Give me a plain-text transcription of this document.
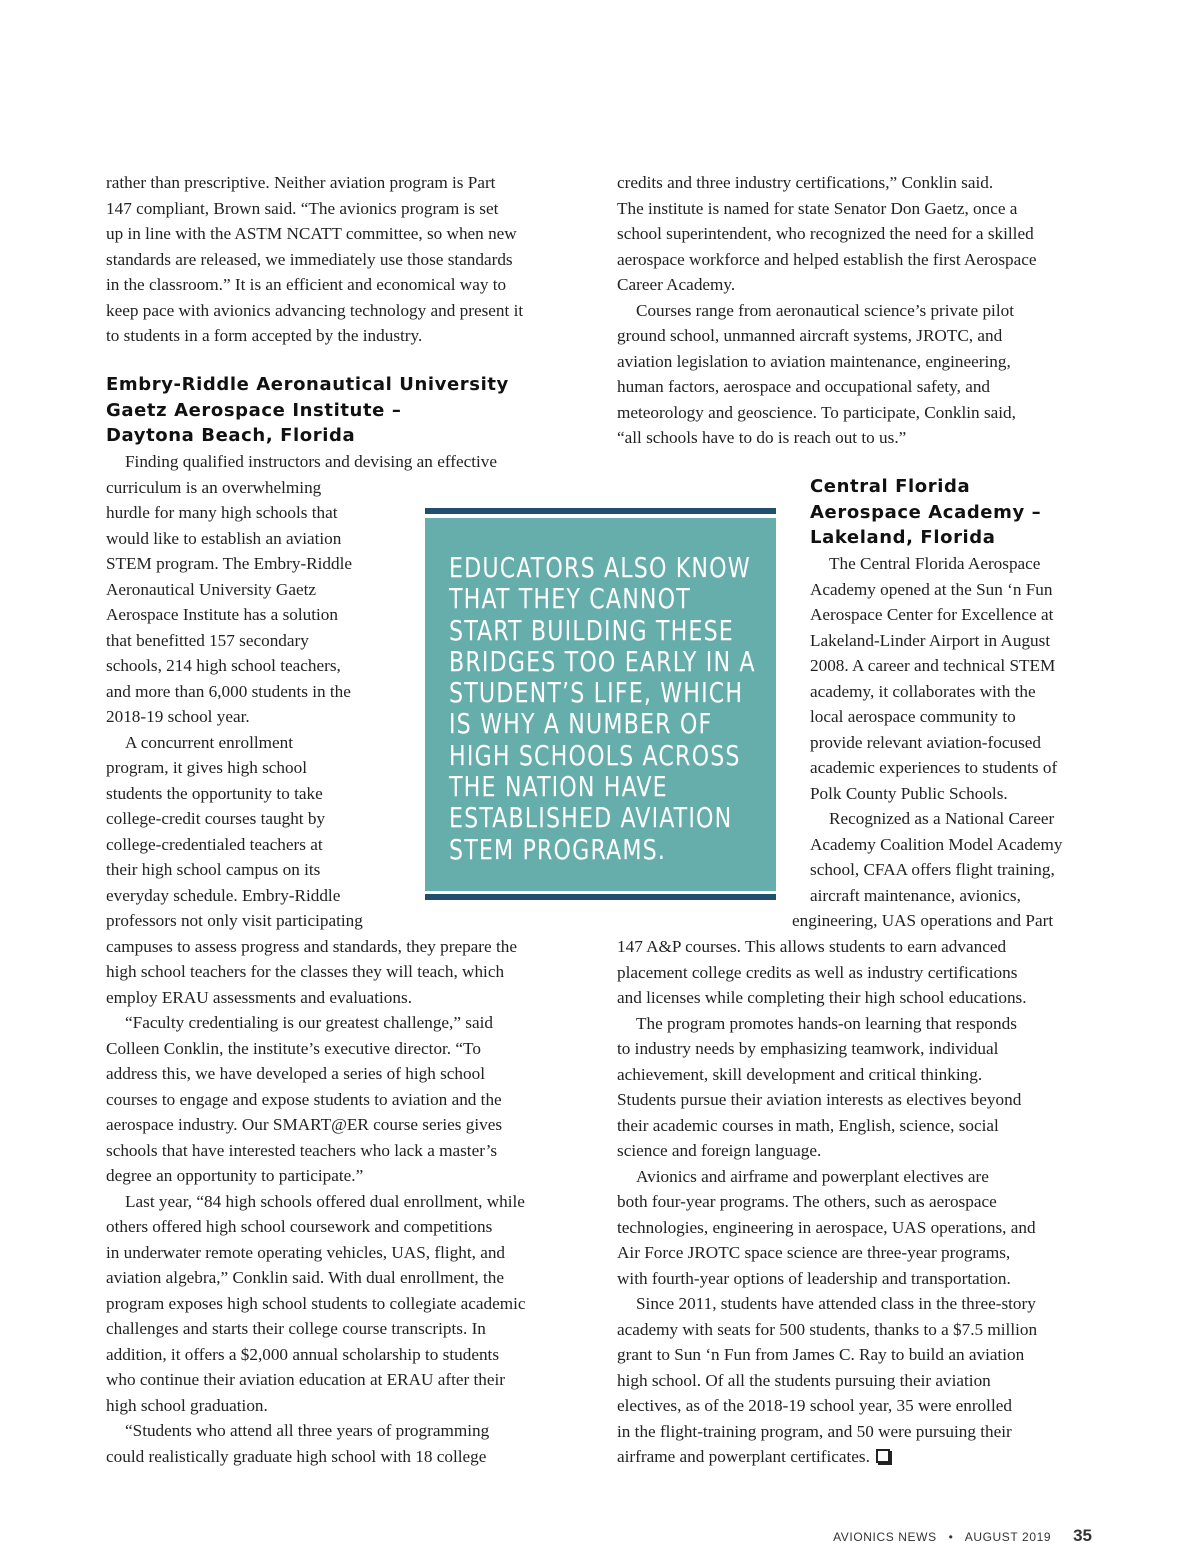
rather than prescriptive. Neither aviation program is Part
147 compliant, Brown said. “The avionics program is set
up in line with the ASTM NCATT committee, so when new
standards are released, we immediately use those standards
in the classroom.” It is an efficient and economical way to
keep pace with avionics advancing technology and present it
to students in a form accepted by the industry.
Embry-Riddle Aeronautical University
Gaetz Aerospace Institute –
Daytona Beach, Florida
Finding qualified instructors and devising an effective
curriculum is an overwhelming
hurdle for many high schools that
would like to establish an aviation
STEM program. The Embry-Riddle
Aeronautical University Gaetz
Aerospace Institute has a solution
that benefitted 157 secondary
schools, 214 high school teachers,
and more than 6,000 students in the
2018-19 school year.
A concurrent enrollment
program, it gives high school
students the opportunity to take
college-credit courses taught by
college-credentialed teachers at
their high school campus on its
everyday schedule. Embry-Riddle
professors not only visit participating
campuses to assess progress and standards, they prepare the
high school teachers for the classes they will teach, which
employ ERAU assessments and evaluations.
“Faculty credentialing is our greatest challenge,” said
Colleen Conklin, the institute’s executive director. “To
address this, we have developed a series of high school
courses to engage and expose students to aviation and the
aerospace industry. Our SMART@ER course series gives
schools that have interested teachers who lack a master’s
degree an opportunity to participate.”
Last year, “84 high schools offered dual enrollment, while
others offered high school coursework and competitions
in underwater remote operating vehicles, UAS, flight, and
aviation algebra,” Conklin said. With dual enrollment, the
program exposes high school students to collegiate academic
challenges and starts their college course transcripts. In
addition, it offers a $2,000 annual scholarship to students
who continue their aviation education at ERAU after their
high school graduation.
“Students who attend all three years of programming
could realistically graduate high school with 18 college
credits and three industry certifications,” Conklin said.
The institute is named for state Senator Don Gaetz, once a
school superintendent, who recognized the need for a skilled
aerospace workforce and helped establish the first Aerospace
Career Academy.
Courses range from aeronautical science’s private pilot
ground school, unmanned aircraft systems, JROTC, and
aviation legislation to aviation maintenance, engineering,
human factors, aerospace and occupational safety, and
meteorology and geoscience. To participate, Conklin said,
“all schools have to do is reach out to us.”
Central Florida
Aerospace Academy –
Lakeland, Florida
The Central Florida Aerospace
Academy opened at the Sun ‘n Fun
Aerospace Center for Excellence at
Lakeland-Linder Airport in August
2008. A career and technical STEM
academy, it collaborates with the
local aerospace community to
provide relevant aviation-focused
academic experiences to students of
Polk County Public Schools.
Recognized as a National Career
Academy Coalition Model Academy
school, CFAA offers flight training,
aircraft maintenance, avionics,
engineering, UAS operations and Part
147 A&P courses. This allows students to earn advanced
placement college credits as well as industry certifications
and licenses while completing their high school educations.
The program promotes hands-on learning that responds
to industry needs by emphasizing teamwork, individual
achievement, skill development and critical thinking.
Students pursue their aviation interests as electives beyond
their academic courses in math, English, science, social
science and foreign language.
Avionics and airframe and powerplant electives are
both four-year programs. The others, such as aerospace
technologies, engineering in aerospace, UAS operations, and
Air Force JROTC space science are three-year programs,
with fourth-year options of leadership and transportation.
Since 2011, students have attended class in the three-story
academy with seats for 500 students, thanks to a $7.5 million
grant to Sun ‘n Fun from James C. Ray to build an aviation
high school. Of all the students pursuing their aviation
electives, as of the 2018-19 school year, 35 were enrolled
in the flight-training program, and 50 were pursuing their
airframe and powerplant certificates.
EDUCATORS ALSO KNOW
THAT THEY CANNOT
START BUILDING THESE
BRIDGES TOO EARLY IN A
STUDENT’S LIFE, WHICH
IS WHY A NUMBER OF
HIGH SCHOOLS ACROSS
THE NATION HAVE
ESTABLISHED AVIATION
STEM PROGRAMS.
AVIONICS NEWS • AUGUST 2019 35
